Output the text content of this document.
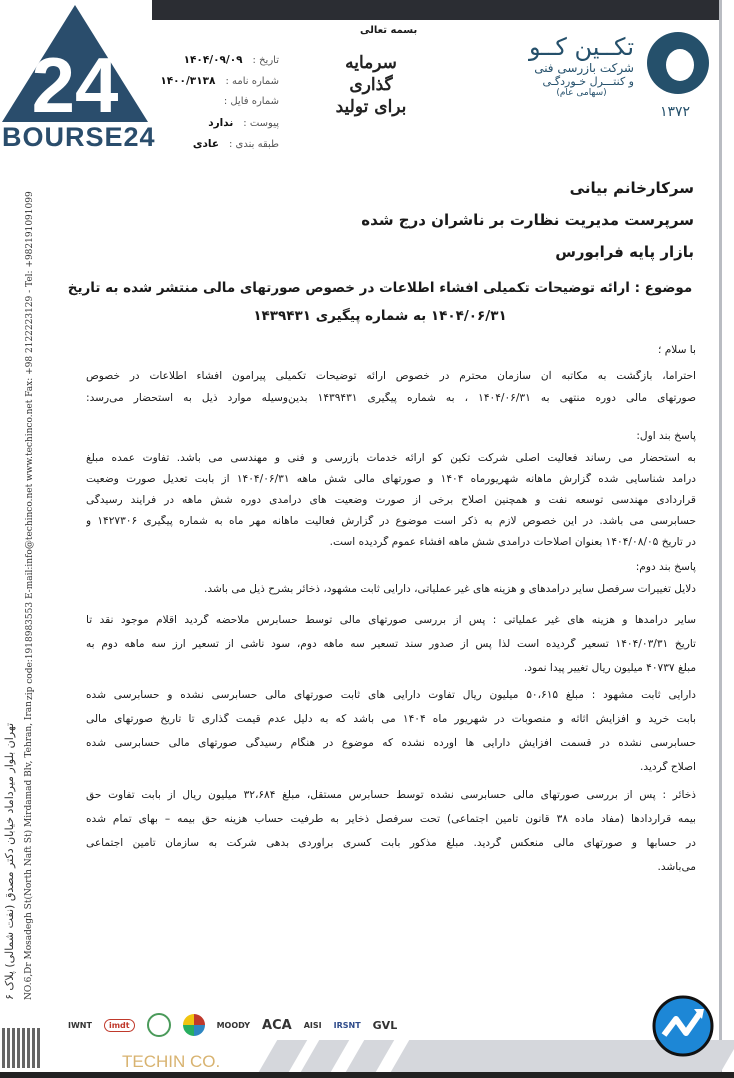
24
BOURSE24
تاریخ :۱۴۰۴/۰۹/۰۹
شماره نامه :۱۴۰۰/۳۱۳۸
شماره فایل :
پیوست :ندارد
طبقه بندی :عادی
بسمه تعالی
سرمایه گذاری برای تولید
تکــین کــو
شرکت بازرسی فنی
و کنتـــرل خـوردگـی
(سهامی عام)
۱۳۷۲
سرکارخانم بیانی
سرپرست مدیریت نظارت بر ناشران درج شده
بازار پایه فرابورس
موضوع : ارائه توضیحات تکمیلی افشاء اطلاعات در خصوص صورتهای مالی منتشر شده به تاریخ
۱۴۰۴/۰۶/۳۱ به شماره پیگیری ۱۴۳۹۴۳۱
با سلام ؛
احتراماً، بازگشت به مکاتبه آن سازمان محترم در خصوص ارائه توضیحات تکمیلی پیرامون افشاء اطلاعات در خصوص
صورتهای مالی دوره منتهی به ۱۴۰۴/۰۶/۳۱ ، به شماره پیگیری ۱۴۳۹۴۳۱ بدین‌وسیله موارد ذیل به استحضار می‌رسد:
پاسخ بند اول:
به استحضار می رساند فعالیت اصلی شرکت تکین کو ارائه خدمات بازرسی و فنی و مهندسی می باشد. تفاوت عمده مبلغ
درآمد شناسایی شده گزارش ماهانه شهریورماه ۱۴۰۴ و صورتهای مالی شش ماهه ۱۴۰۴/۰۶/۳۱ از بابت تعدیل صورت وضعیت
قراردادی مهندسی توسعه نفت و همچنین اصلاح برخی از صورت وضعیت های درآمدی دوره شش ماهه در فرایند رسیدگی
حسابرسی می باشد. در این خصوص لازم به ذکر است موضوع در گزارش فعالیت ماهانه مهر ماه به شماره پیگیری ۱۴۲۷۳۰۶ و
در تاریخ ۱۴۰۴/۰۸/۰۵ بعنوان اصلاحات درآمدی شش ماهه افشاء عموم گردیده است.
پاسخ بند دوم:
دلایل تغییرات سرفصل سایر درآمدهای و هزینه های غیر عملیاتی، دارایی ثابت مشهود، ذخائر بشرح ذیل می باشد.
سایر درآمدها و هزینه های غیر عملیاتی : پس از بررسی صورتهای مالی توسط حسابرس ملاحضه گردید اقلام موجود نقد تا
تاریخ ۱۴۰۴/۰۳/۳۱ تسعیر گردیده است لذا پس از صدور سند تسعیر سه ماهه دوم، سود ناشی از تسعیر ارز سه ماهه دوم به
مبلغ ۴۰۷۳۷ میلیون ریال تغییر پیدا نمود.
دارایی ثابت مشهود : مبلغ ۵۰،۶۱۵ میلیون ریال تفاوت دارایی های ثابت صورتهای مالی حسابرسی نشده و حسابرسی شده
بابت خرید و افزایش اثاثه و منصوبات در شهریور ماه ۱۴۰۴ می باشد که به دلیل عدم قیمت گذاری تا تاریخ صورتهای مالی
حسابرسی نشده در قسمت افزایش دارایی ها آورده نشده که موضوع در هنگام رسیدگی صورتهای مالی حسابرسی شده
اصلاح گردید.
ذخائر : پس از بررسی صورتهای مالی حسابرسی نشده توسط حسابرس مستقل، مبلغ ۳۲،۶۸۴ میلیون ریال از بابت تفاوت حق
بیمه قراردادها (مفاد ماده ۳۸ قانون تامین اجتماعی) تحت سرفصل ذخایر به طرفیت حساب هزینه حق بیمه – بهای تمام شده
در حسابها و صورتهای مالی منعکس گردید. مبلغ مذکور بابت کسری برآوردی بدهی شرکت به سازمان تأمین اجتماعی
می‌باشد.
zip code:1918983553 E-mail:info@techinco.net www.techinco.net Fax: +98 2122223129 - Tel: +982191091099
NO.6,Dr Mosadegh St(North Naft St) Mirdamad Blv, Tehran, Iran
تهران بلوار میرداماد خیابان دکتر مصدق (نفت شمالی) پلاک ۶
IWNT	imdt	MOODY ACA AISI IRSNT GVL
TECHIN CO.
